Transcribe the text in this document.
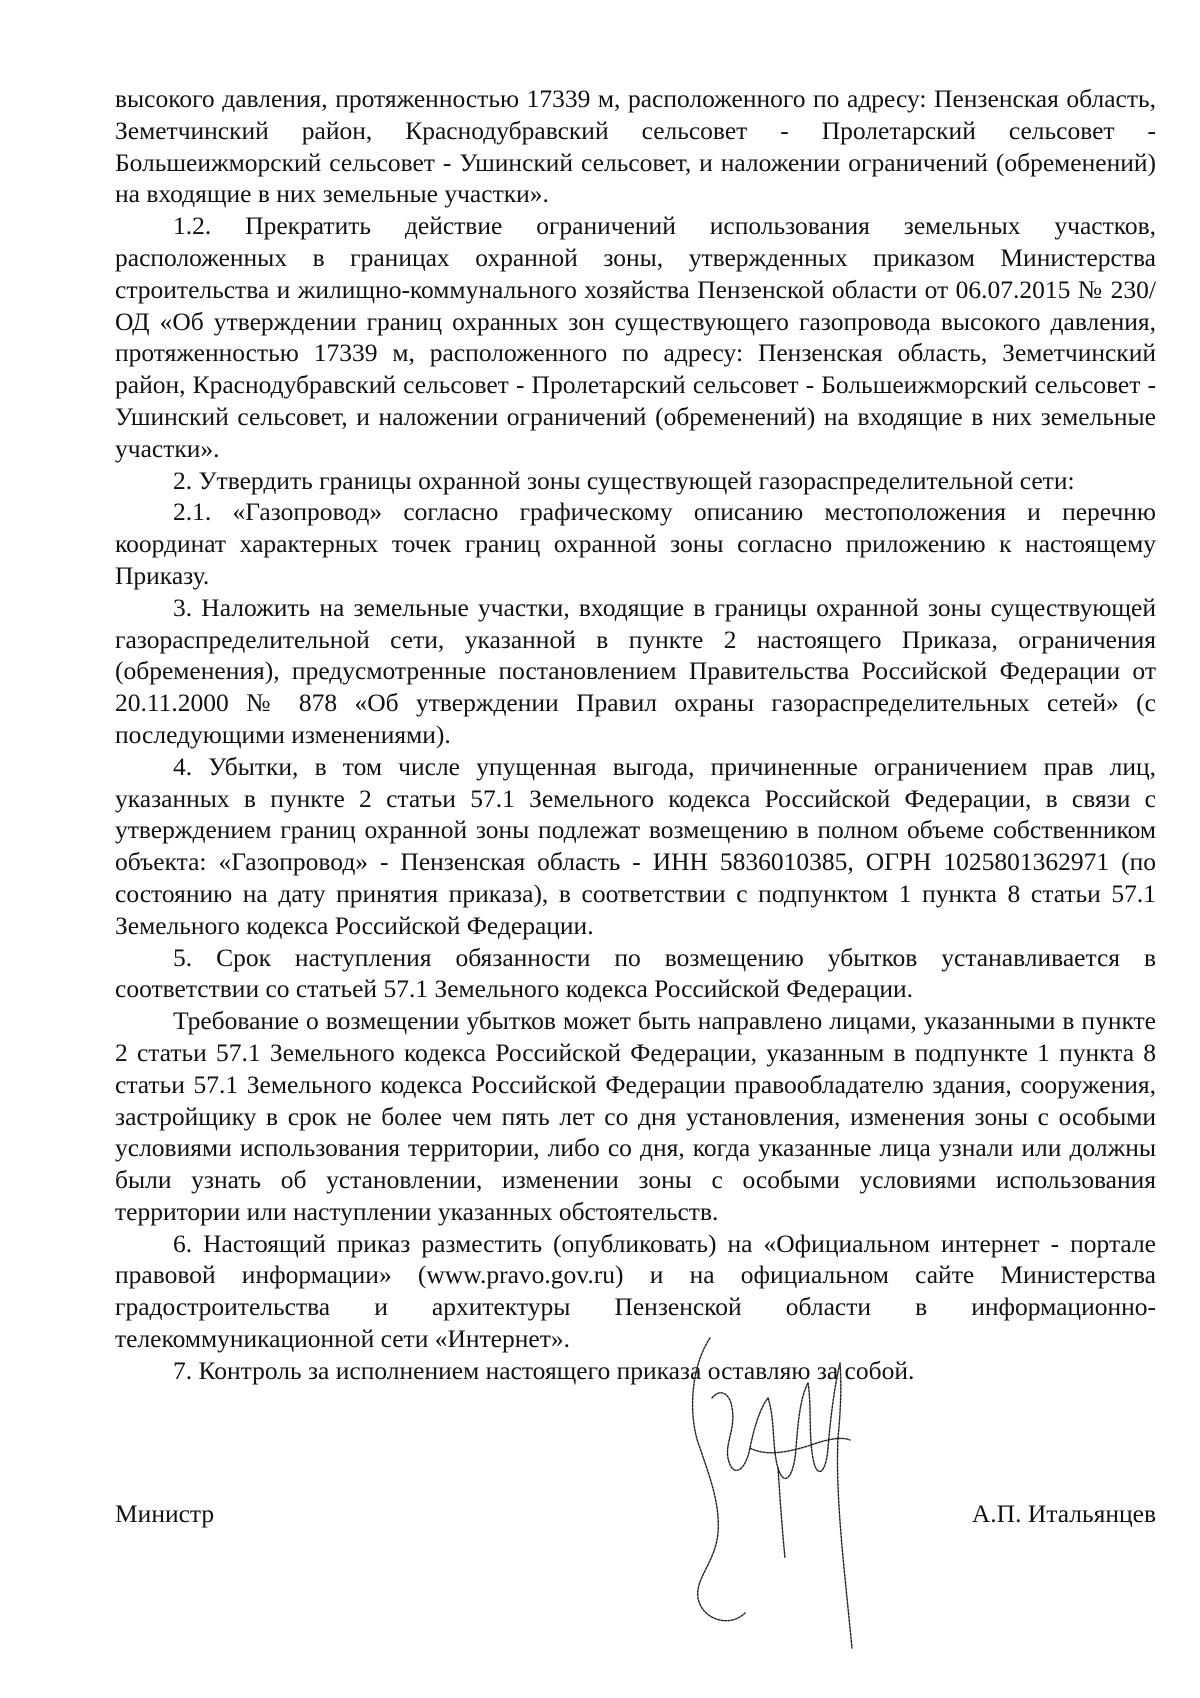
высокого давления, протяженностью 17339 м, расположенного по адресу: Пензенская область, Земетчинский район, Краснодубравский сельсовет - Пролетарский сельсовет - Большеижморский сельсовет - Ушинский сельсовет, и наложении ограничений (обременений) на входящие в них земельные участки».

1.2. Прекратить действие ограничений использования земельных участков, расположенных в границах охранной зоны, утвержденных приказом Министерства строительства и жилищно-коммунального хозяйства Пензенской области от 06.07.2015 № 230/ОД «Об утверждении границ охранных зон существующего газопровода высокого давления, протяженностью 17339 м, расположенного по адресу: Пензенская область, Земетчинский район, Краснодубравский сельсовет - Пролетарский сельсовет - Большеижморский сельсовет - Ушинский сельсовет, и наложении ограничений (обременений) на входящие в них земельные участки».

2. Утвердить границы охранной зоны существующей газораспределительной сети:

2.1. «Газопровод» согласно графическому описанию местоположения и перечню координат характерных точек границ охранной зоны согласно приложению к настоящему Приказу.

3. Наложить на земельные участки, входящие в границы охранной зоны существующей газораспределительной сети, указанной в пункте 2 настоящего Приказа, ограничения (обременения), предусмотренные постановлением Правительства Российской Федерации от 20.11.2000 № 878 «Об утверждении Правил охраны газораспределительных сетей» (с последующими изменениями).

4. Убытки, в том числе упущенная выгода, причиненные ограничением прав лиц, указанных в пункте 2 статьи 57.1 Земельного кодекса Российской Федерации, в связи с утверждением границ охранной зоны подлежат возмещению в полном объеме собственником объекта: «Газопровод» - Пензенская область - ИНН 5836010385, ОГРН 1025801362971 (по состоянию на дату принятия приказа), в соответствии с подпунктом 1 пункта 8 статьи 57.1 Земельного кодекса Российской Федерации.

5. Срок наступления обязанности по возмещению убытков устанавливается в соответствии со статьей 57.1 Земельного кодекса Российской Федерации.

Требование о возмещении убытков может быть направлено лицами, указанными в пункте 2 статьи 57.1 Земельного кодекса Российской Федерации, указанным в подпункте 1 пункта 8 статьи 57.1 Земельного кодекса Российской Федерации правообладателю здания, сооружения, застройщику в срок не более чем пять лет со дня установления, изменения зоны с особыми условиями использования территории, либо со дня, когда указанные лица узнали или должны были узнать об установлении, изменении зоны с особыми условиями использования территории или наступлении указанных обстоятельств.

6. Настоящий приказ разместить (опубликовать) на «Официальном интернет - портале правовой информации» (www.pravo.gov.ru) и на официальном сайте Министерства градостроительства и архитектуры Пензенской области в информационно-телекоммуникационной сети «Интернет».

7. Контроль за исполнением настоящего приказа оставляю за собой.

Министр	А.П. Итальянцев
